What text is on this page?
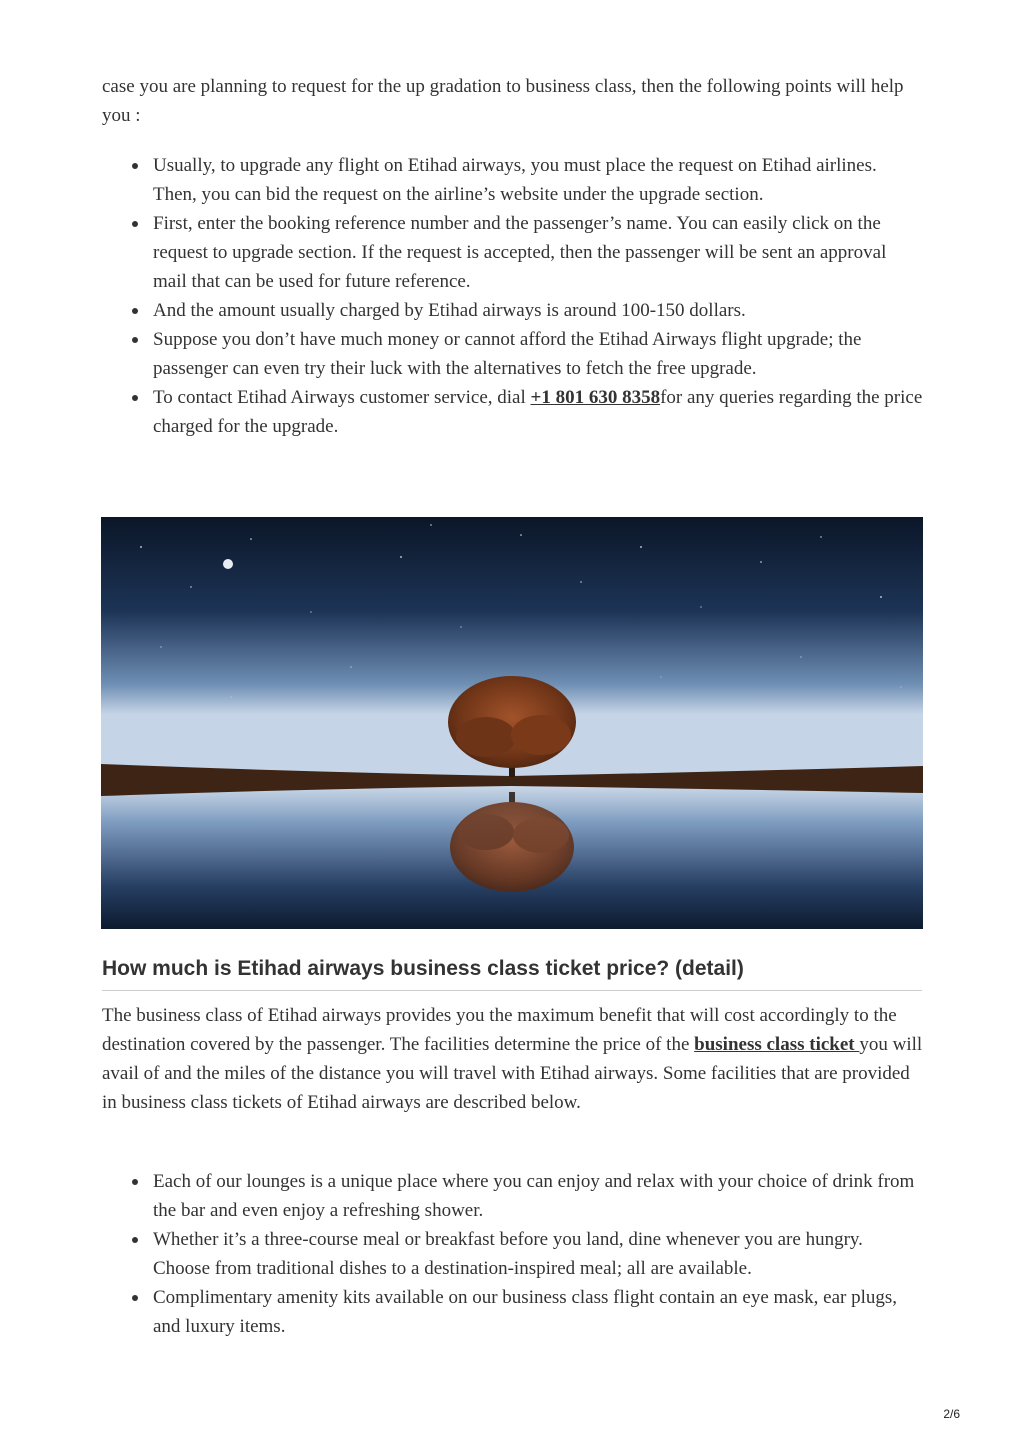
case you are planning to request for the up gradation to business class, then the following points will help you :

Usually, to upgrade any flight on Etihad airways, you must place the request on Etihad airlines. Then, you can bid the request on the airline’s website under the upgrade section.
First, enter the booking reference number and the passenger’s name. You can easily click on the request to upgrade section. If the request is accepted, then the passenger will be sent an approval mail that can be used for future reference.
And the amount usually charged by Etihad airways is around 100-150 dollars.
Suppose you don’t have much money or cannot afford the Etihad Airways flight upgrade; the passenger can even try their luck with the alternatives to fetch the free upgrade.
To contact Etihad Airways customer service, dial +1 801 630 8358for any queries regarding the price charged for the upgrade.
How much is Etihad airways business class ticket price? (detail)

The business class of Etihad airways provides you the maximum benefit that will cost accordingly to the destination covered by the passenger. The facilities determine the price of the business class ticket you will avail of and the miles of the distance you will travel with Etihad airways. Some facilities that are provided in business class tickets of Etihad airways are described below.

Each of our lounges is a unique place where you can enjoy and relax with your choice of drink from the bar and even enjoy a refreshing shower.
Whether it’s a three-course meal or breakfast before you land, dine whenever you are hungry. Choose from traditional dishes to a destination-inspired meal; all are available.
Complimentary amenity kits available on our business class flight contain an eye mask, ear plugs, and luxury items.
2/6
